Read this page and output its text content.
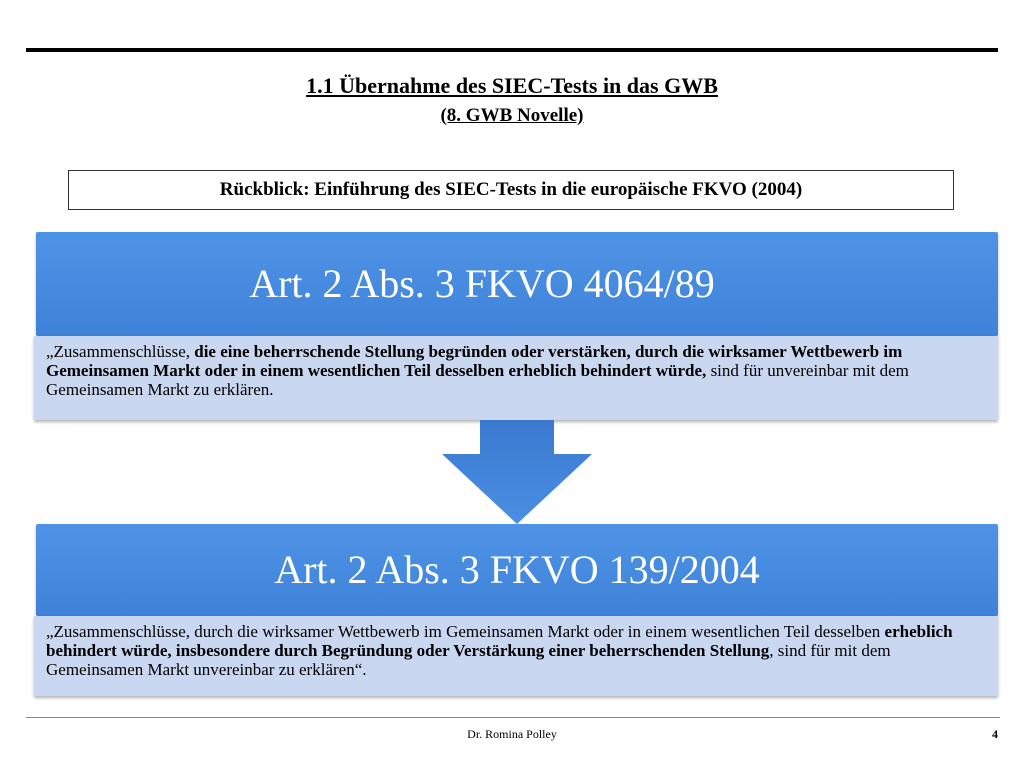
1.1 Übernahme des SIEC-Tests in das GWB
(8. GWB Novelle)
Rückblick: Einführung des SIEC-Tests in die europäische FKVO (2004)
Art. 2 Abs. 3 FKVO 4064/89

„Zusammenschlüsse, die eine beherrschende Stellung begründen oder verstärken, durch die wirksamer Wettbewerb im Gemeinsamen Markt oder in einem wesentlichen Teil desselben erheblich behindert würde, sind für unvereinbar mit dem Gemeinsamen Markt zu erklären.

Art. 2 Abs. 3 FKVO 139/2004

„Zusammenschlüsse, durch die wirksamer Wettbewerb im Gemeinsamen Markt oder in einem wesentlichen Teil desselben erheblich behindert würde, insbesondere durch Begründung oder Verstärkung einer beherrschenden Stellung, sind für mit dem Gemeinsamen Markt unvereinbar zu erklären“.

Dr. Romina Polley	4
